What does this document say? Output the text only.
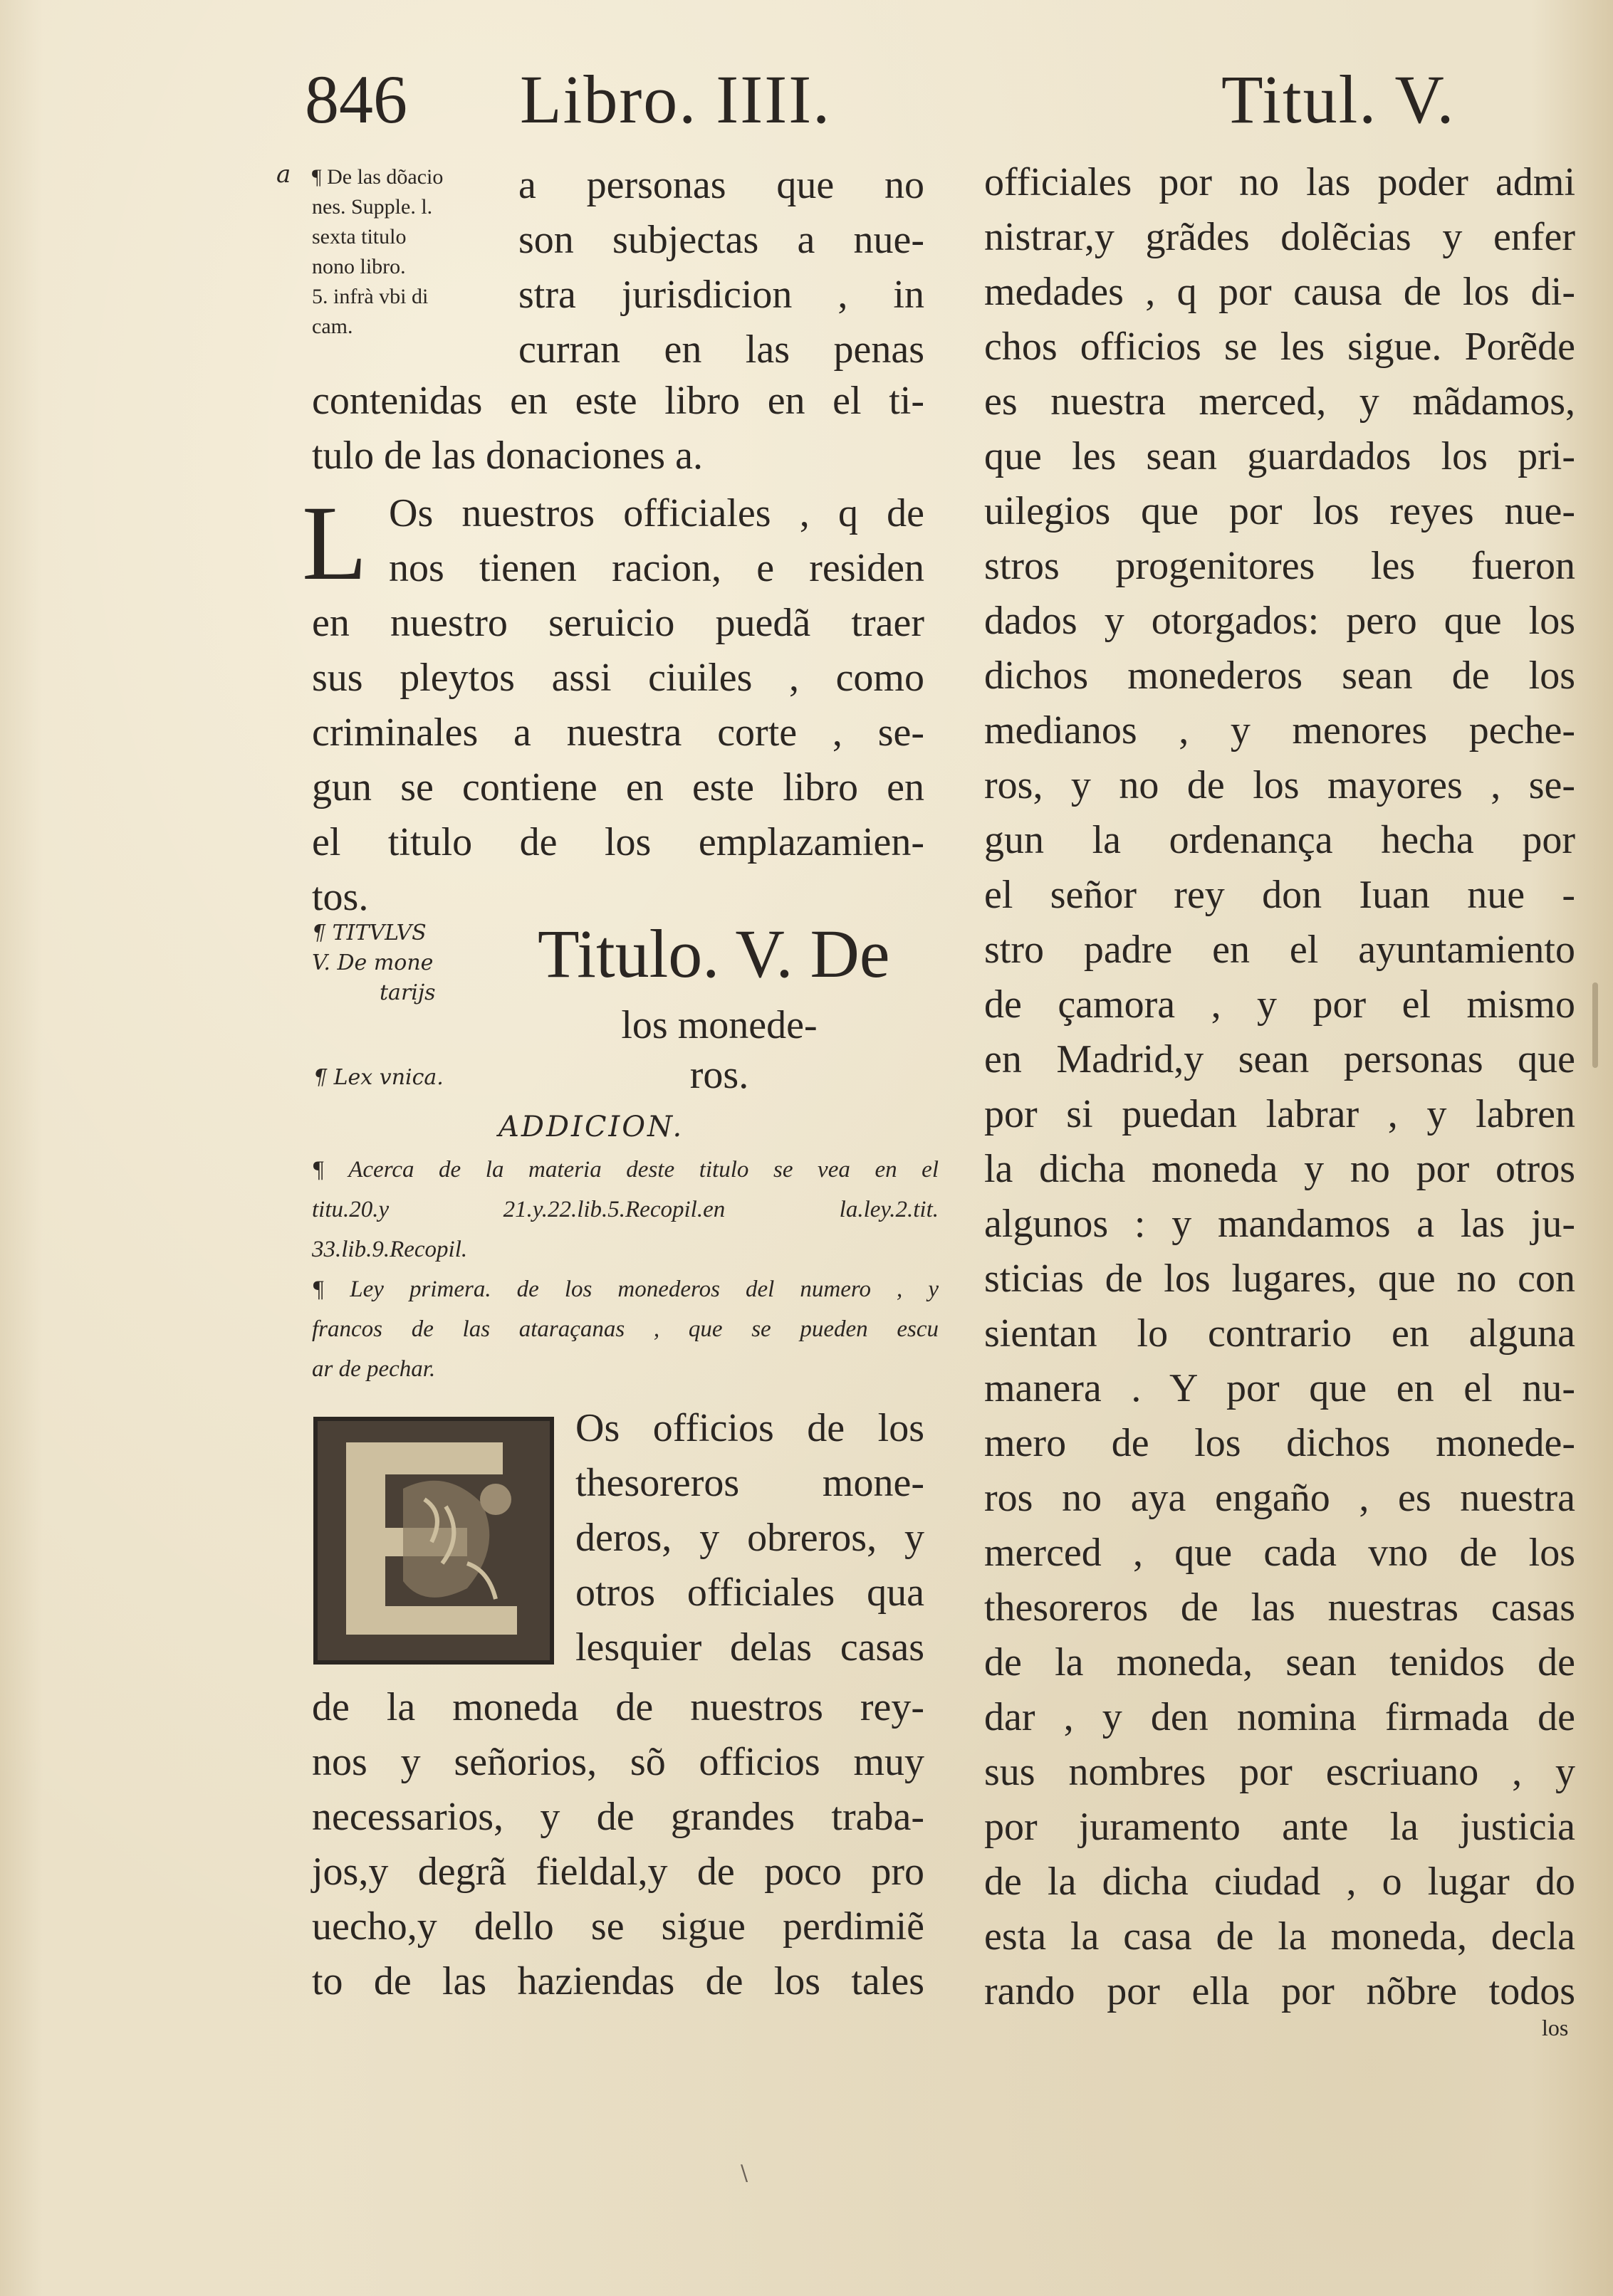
846 Libro. IIII.	Titul. V.
a ¶ De las dõacio
nes. Supple. l.
sexta titulo
nono libro.
5. infrà vbi di
cam.
a personas que no
son subjectas a nue-
stra jurisdicion , in
curran en las penas
contenidas en este libro en el ti-
tulo de las donaciones a.
L Os nuestros officiales , q de
nos tienen racion, e residen
en nuestro seruicio puedã traer
sus pleytos assi ciuiles , como
criminales a nuestra corte , se-
gun se contiene en este libro en
el titulo de los emplazamien-
tos.
¶ TITVLVS
V. De mone
tarijs
Titulo. V. De
los monede-
ros.
¶ Lex vnica.
ADDICION.
¶ Acerca de la materia deste titulo se vea en el
titu.20.y 21.y.22.lib.5.Recopil.en la.ley.2.tit.
33.lib.9.Recopil.
¶ Ley primera. de los monederos del numero , y
francos de las ataraçanas , que se pueden escu
ar de pechar.
Os officios de los
thesoreros mone-
deros, y obreros, y
otros officiales qua
lesquier delas casas
de la moneda de nuestros rey-
nos y señorios, sõ officios muy
necessarios, y de grandes traba-
jos,y degrã fieldal,y de poco pro
uecho,y dello se sigue perdimiẽ
to de las haziendas de los tales
officiales por no las poder admi
nistrar,y grãdes dolẽcias y enfer
medades , q por causa de los di-
chos officios se les sigue. Porẽde
es nuestra merced, y mãdamos,
que les sean guardados los pri-
uilegios que por los reyes nue-
stros progenitores les fueron
dados y otorgados: pero que los
dichos monederos sean de los
medianos , y menores peche-
ros, y no de los mayores , se-
gun la ordenança hecha por
el señor rey don Iuan nue -
stro padre en el ayuntamiento
de çamora , y por el mismo
en Madrid,y sean personas que
por si puedan labrar , y labren
la dicha moneda y no por otros
algunos : y mandamos a las ju-
sticias de los lugares, que no con
sientan lo contrario en alguna
manera . Y por que en el nu-
mero de los dichos monede-
ros no aya engaño , es nuestra
merced , que cada vno de los
thesoreros de las nuestras casas
de la moneda, sean tenidos de
dar , y den nomina firmada de
sus nombres por escriuano , y
por juramento ante la justicia
de la dicha ciudad , o lugar do
esta la casa de la moneda, decla
rando por ella por nõbre todos
los
\
